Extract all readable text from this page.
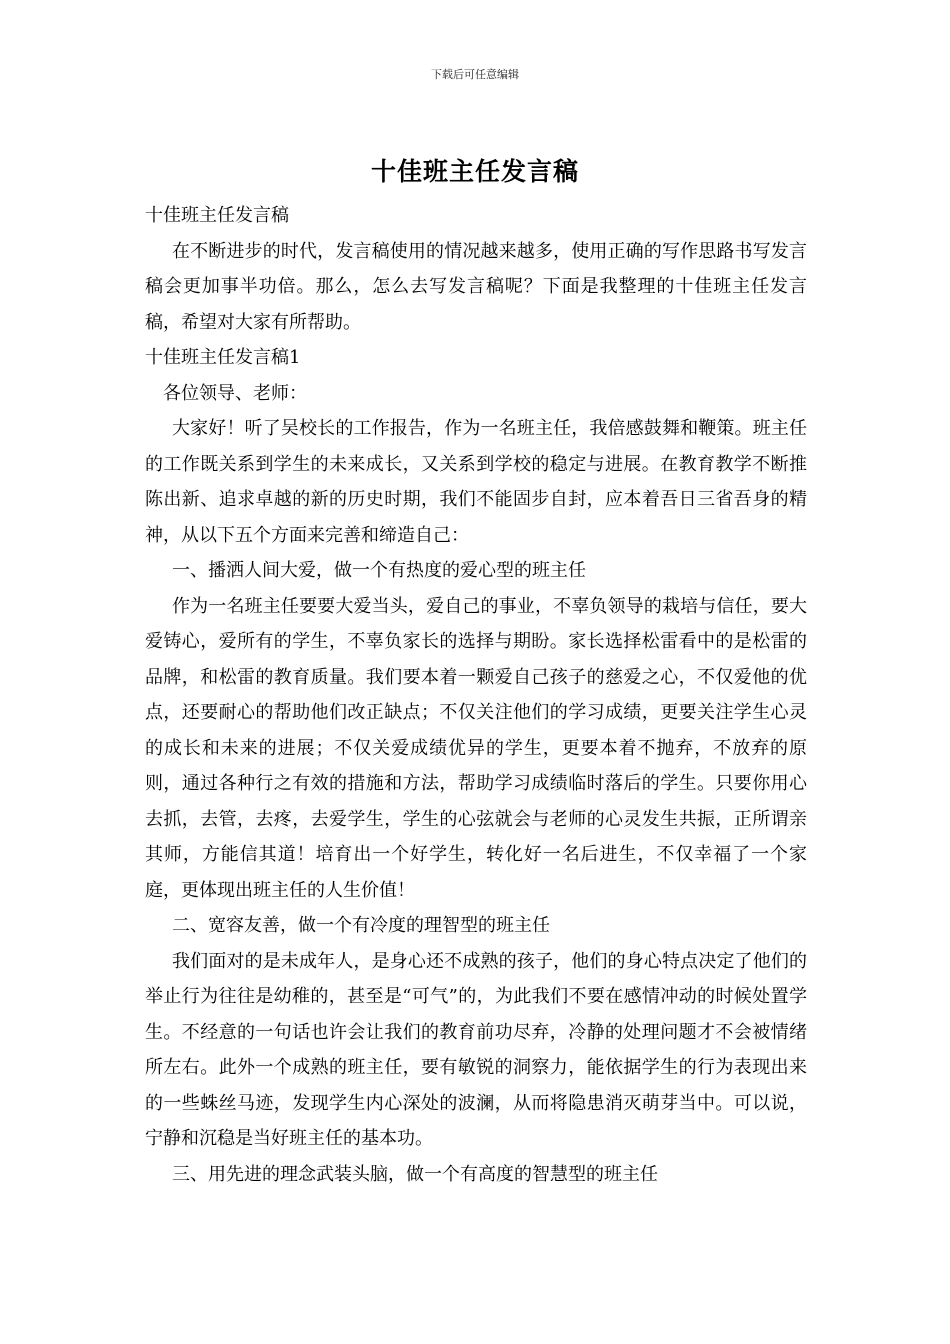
下载后可任意编辑
十佳班主任发言稿

十佳班主任发言稿

在不断进步的时代，发言稿使用的情况越来越多，使用正确的写作思路书写发言稿会更加事半功倍。那么，怎么去写发言稿呢？下面是我整理的十佳班主任发言稿，希望对大家有所帮助。

十佳班主任发言稿1

各位领导、老师：

大家好！听了吴校长的工作报告，作为一名班主任，我倍感鼓舞和鞭策。班主任的工作既关系到学生的未来成长，又关系到学校的稳定与进展。在教育教学不断推陈出新、追求卓越的新的历史时期，我们不能固步自封，应本着吾日三省吾身的精神，从以下五个方面来完善和缔造自己：

一、播洒人间大爱，做一个有热度的爱心型的班主任

作为一名班主任要要大爱当头，爱自己的事业，不辜负领导的栽培与信任，要大爱铸心，爱所有的学生，不辜负家长的选择与期盼。家长选择松雷看中的是松雷的品牌，和松雷的教育质量。我们要本着一颗爱自己孩子的慈爱之心，不仅爱他的优点，还要耐心的帮助他们改正缺点；不仅关注他们的学习成绩，更要关注学生心灵的成长和未来的进展；不仅关爱成绩优异的学生，更要本着不抛弃，不放弃的原则，通过各种行之有效的措施和方法，帮助学习成绩临时落后的学生。只要你用心去抓，去管，去疼，去爱学生，学生的心弦就会与老师的心灵发生共振，正所谓亲其师，方能信其道！培育出一个好学生，转化好一名后进生，不仅幸福了一个家庭，更体现出班主任的人生价值！

二、宽容友善，做一个有冷度的理智型的班主任

我们面对的是未成年人，是身心还不成熟的孩子，他们的身心特点决定了他们的举止行为往往是幼稚的，甚至是“可气”的，为此我们不要在感情冲动的时候处置学生。不经意的一句话也许会让我们的教育前功尽弃，冷静的处理问题才不会被情绪所左右。此外一个成熟的班主任，要有敏锐的洞察力，能依据学生的行为表现出来的一些蛛丝马迹，发现学生内心深处的波澜，从而将隐患消灭萌芽当中。可以说，宁静和沉稳是当好班主任的基本功。

三、用先进的理念武装头脑，做一个有高度的智慧型的班主任
